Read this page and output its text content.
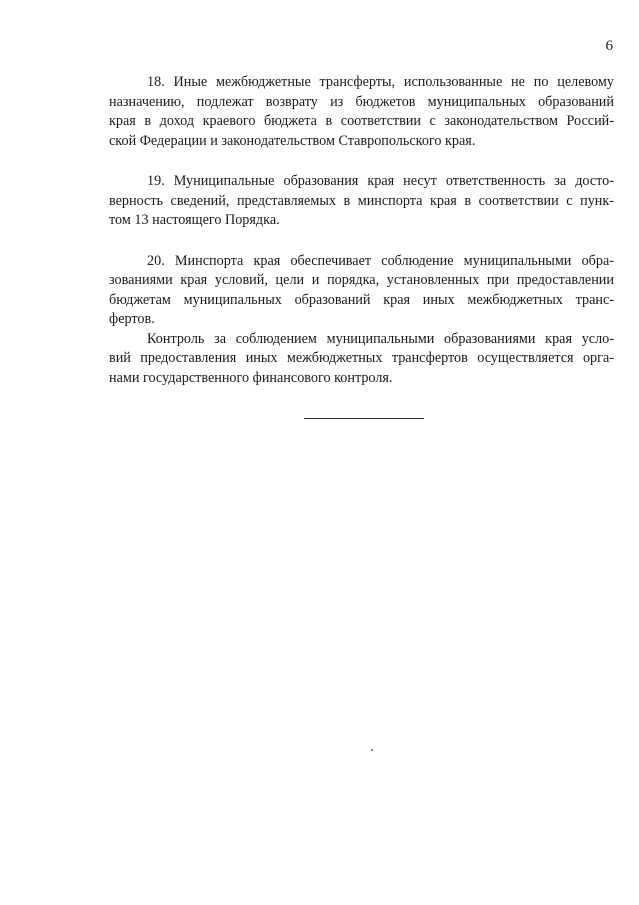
6
18. Иные межбюджетные трансферты, использованные не по целевому
назначению, подлежат возврату из бюджетов муниципальных образований
края в доход краевого бюджета в соответствии с законодательством Россий-
ской Федерации и законодательством Ставропольского края.
19. Муниципальные образования края несут ответственность за досто-
верность сведений, представляемых в минспорта края в соответствии с пунк-
том 13 настоящего Порядка.
20. Минспорта края обеспечивает соблюдение муниципальными обра-
зованиями края условий, цели и порядка, установленных при предоставлении
бюджетам муниципальных образований края иных межбюджетных транс-
фертов.
Контроль за соблюдением муниципальными образованиями края усло-
вий предоставления иных межбюджетных трансфертов осуществляется орга-
нами государственного финансового контроля.
